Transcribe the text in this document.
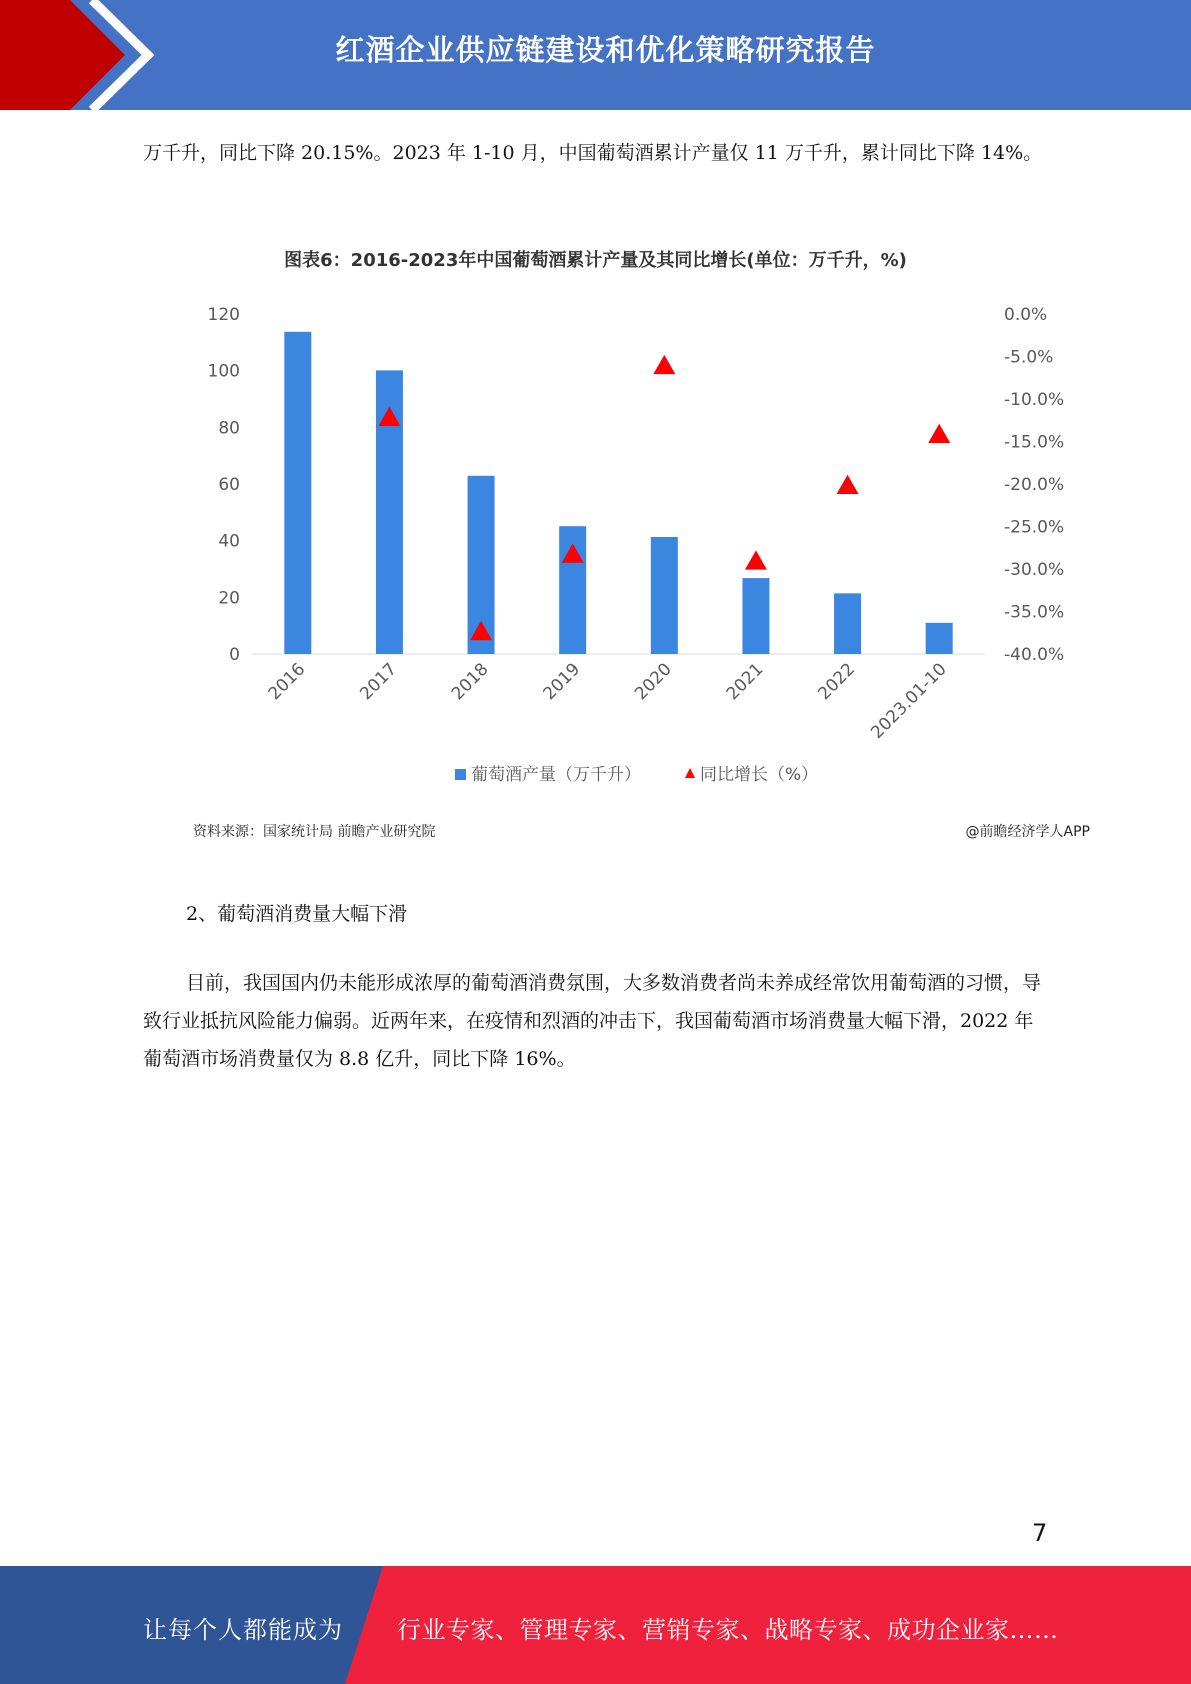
红酒企业供应链建设和优化策略研究报告

万千升，同比下降 20.15%。2023 年 1-10 月，中国葡萄酒累计产量仅 11 万千升，累计同比下降 14%。

图表6：2016-2023年中国葡萄酒累计产量及其同比增长(单位：万千升，%)
0
20
40
60
80
100
120	0.0%
-5.0%
-10.0%
-15.0%
-20.0%
-25.0%
-30.0%
-35.0%
-40.0%
2016	2017	2018	2019	2020	2021	2022 2023.01-10
葡萄酒产量（万千升）	同比增长（%）
资料来源：国家统计局 前瞻产业研究院	@前瞻经济学人APP

2、葡萄酒消费量大幅下滑

目前，我国国内仍未能形成浓厚的葡萄酒消费氛围，大多数消费者尚未养成经常饮用葡萄酒的习惯，导致行业抵抗风险能力偏弱。近两年来，在疫情和烈酒的冲击下，我国葡萄酒市场消费量大幅下滑，2022 年葡萄酒市场消费量仅为 8.8 亿升，同比下降 16%。

7
让每个人都能成为 行业专家、管理专家、营销专家、战略专家、成功企业家……
